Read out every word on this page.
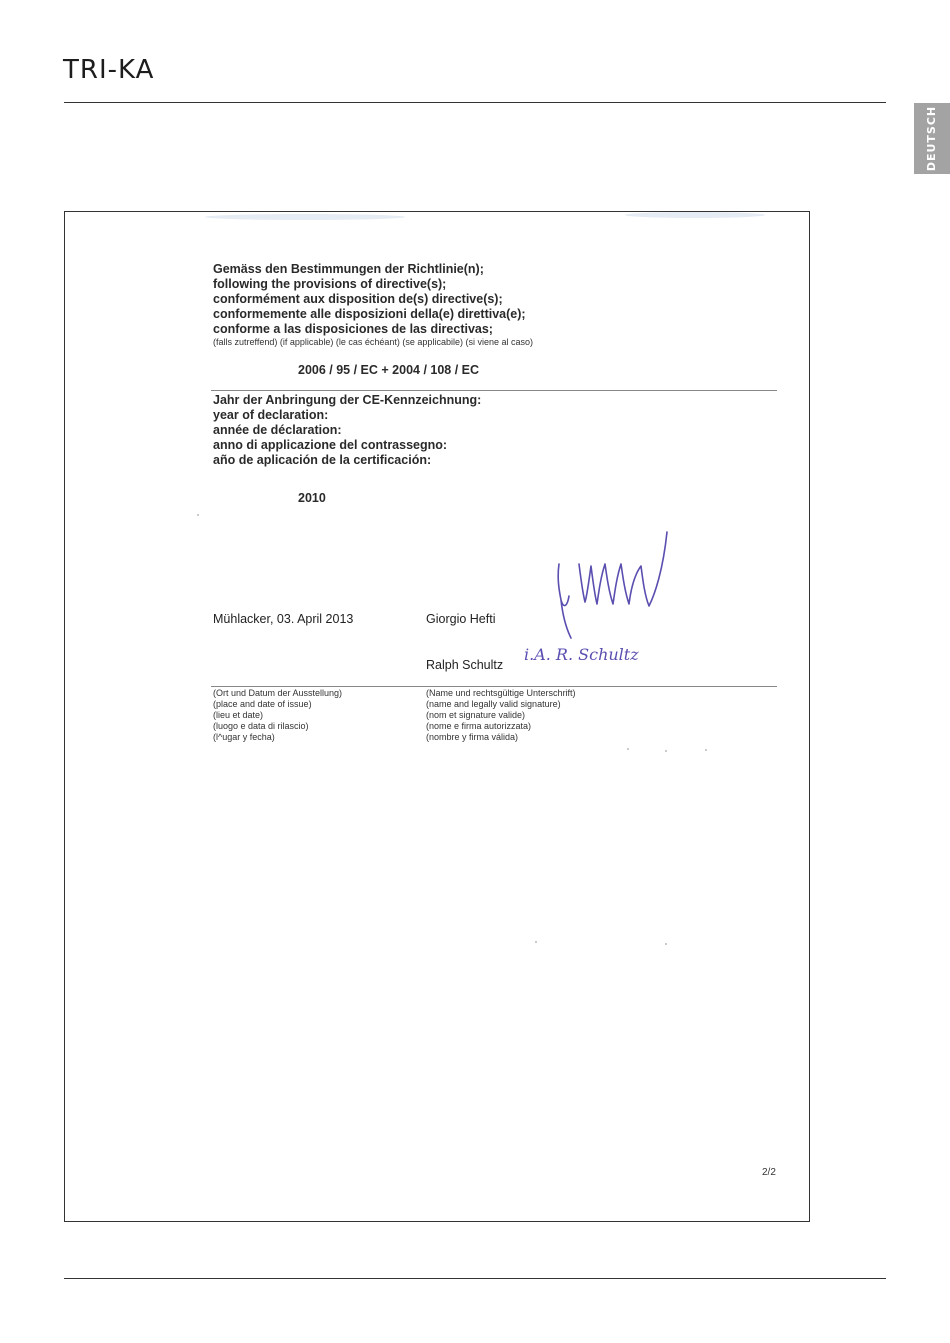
TRI-KA
DEUTSCH
Gemäss den Bestimmungen der Richtlinie(n);
following the provisions of directive(s);
conformément aux disposition de(s) directive(s);
conformemente alle disposizioni della(e) direttiva(e);
conforme a las disposiciones de las directivas;
(falls zutreffend) (if applicable) (le cas échéant) (se applicabile) (si viene al caso)
2006 / 95 / EC + 2004 / 108 / EC
Jahr der Anbringung der CE-Kennzeichnung:
year of declaration:
année de déclaration:
anno di applicazione del contrassegno:
año de aplicación de la certificación:
2010
Mühlacker, 03. April 2013	Giorgio Hefti
Ralph Schultz
i.A. R. Schultz
(Ort und Datum der Ausstellung)
(place and date of issue)
(lieu et date)
(luogo e data di rilascio)
(l^ugar y fecha)
(Name und rechtsgültige Unterschrift)
(name and legally valid signature)
(nom et signature valide)
(nome e firma autorizzata)
(nombre y firma válida)
2/2
